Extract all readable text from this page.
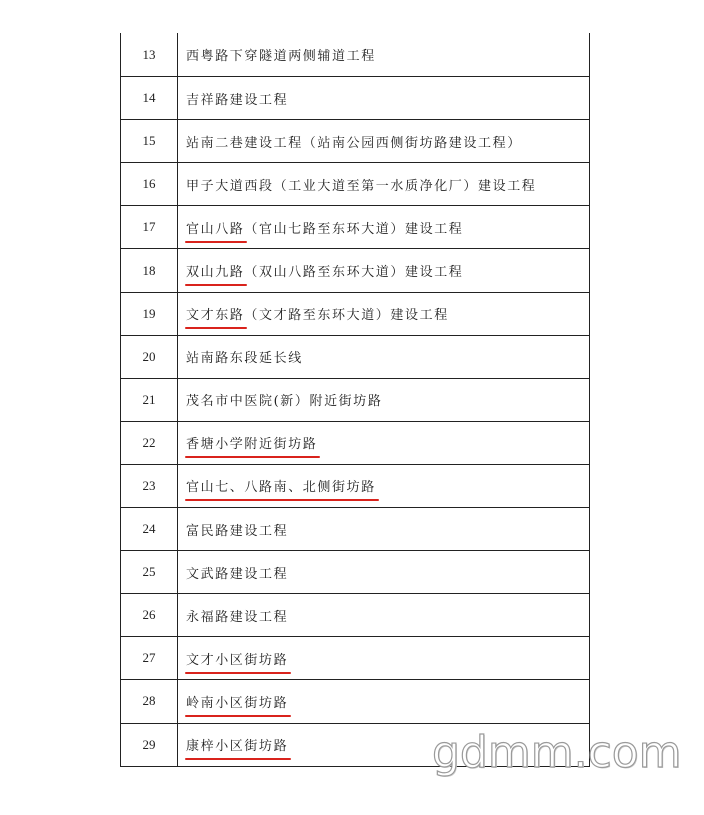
13	西粤路下穿隧道两侧辅道工程
14	吉祥路建设工程
15	站南二巷建设工程（站南公园西侧街坊路建设工程）
16	甲子大道西段（工业大道至第一水质净化厂）建设工程
17	官山八路 （官山七路至东环大道）建设工程
18	双山九路 （双山八路至东环大道）建设工程
19	文才东路 （文才路至东环大道）建设工程
20	站南路东段延长线
21	茂名市中医院(新）附近街坊路
22	香塘小学附近街坊路
23	官山七、八路南、北侧街坊路
24	富民路建设工程
25	文武路建设工程
26	永福路建设工程
27	文才小区街坊路
28	岭南小区街坊路
29	康梓小区街坊路	gdmm.com
